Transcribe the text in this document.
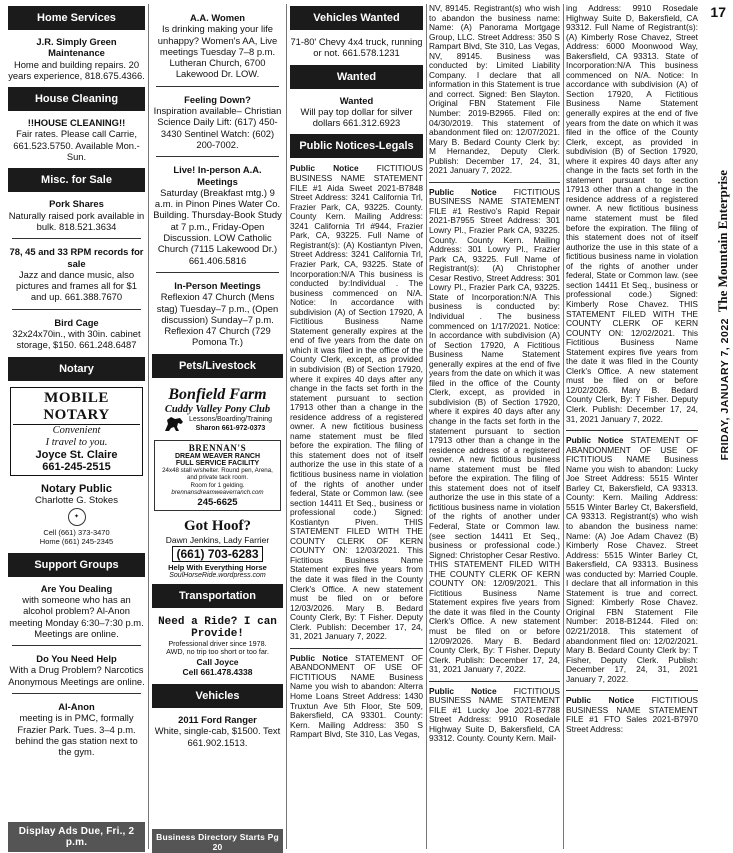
17
The Mountain Enterprise
FRIDAY, JANUARY 7, 2022
Home Services
J.R. Simply Green Maintenance
Home and building repairs. 20 years experience, 818.675.4366.
House Cleaning
!!HOUSE CLEANING!!
Fair rates. Please call Carrie, 661.523.5750. Available Mon.-Sun.
Misc. for Sale
Pork Shares
Naturally raised pork available in bulk. 818.521.3634
78, 45 and 33 RPM records for sale
Jazz and dance music, also pictures and frames all for $1 and up. 661.388.7670
Bird Cage
32x24x70in., with 30in. cabinet storage, $150. 661.248.6487
Notary
MOBILE NOTARY
Convenient
I travel to you.
Joyce St. Claire
661-245-2515
Notary Public
Charlotte G. Stokes
✦
Cell (661) 373-3470
Home (661) 245-2345
Support Groups
Are You Dealing
with someone who has an alcohol problem? Al-Anon meeting Monday 6:30–7:30 p.m. Meetings are online.
Do You Need Help
With a Drug Problem? Narcotics Anonymous Meetings are online.
Al-Anon
meeting is in PMC, formally Frazier Park. Tues. 3–4 p.m. behind the gas station next to the gym.
Display Ads Due, Fri., 2 p.m.
A.A. Women
Is drinking making your life unhappy? Women's AA, Live meetings Tuesday 7–8 p.m. Lutheran Church, 6700 Lakewood Dr. LOW.
Feeling Down?
Inspiration available– Christian Science Daily Lift: (617) 450-3430 Sentinel Watch: (602) 200-7002.
Live! In-person A.A. Meetings
Saturday (Breakfast mtg.) 9 a.m. in Pinon Pines Water Co. Building. Thursday-Book Study at 7 p.m., Friday-Open Discussion. LOW Catholic Church (7115 Lakewood Dr.) 661.406.5816
In-Person Meetings
Reflexion 47 Church (Mens stag) Tuesday–7 p.m., (Open discussion) Sunday–7 p.m. Reflexion 47 Church (729 Pomona Tr.)
Pets/Livestock
Bonfield Farm
Cuddy Valley Pony Club
Lessons/Boarding/Training
Sharon 661-972-0373
BRENNAN'S
DREAM WEAVER RANCH
FULL SERVICE FACILITY
24x48 stall w/shelter. Round pen, Arena, and private tack room.
Room for 1 gelding.
brennansdreamweaverranch.com
245-6625
Got Hoof?
Dawn Jenkins, Lady Farrier
(661) 703-6283
Help With Everything Horse
SoulHorseRide.wordpress.com
Transportation
Need a Ride? I can Provide!
Professional driver since 1978.
AWD, no trip too short or too far.
Call Joyce
Cell 661.478.4338
Vehicles
2011 Ford Ranger
White, single-cab, $1500. Text 661.902.1513.
Business Directory Starts Pg 20
Vehicles Wanted
71-80' Chevy 4x4 truck, running or not. 661.578.1231
Wanted
Wanted
Will pay top dollar for silver dollars 661.312.6923
Public Notices-Legals
Public Notice FICTITIOUS BUSINESS NAME STATEMENT FILE #1 Aida Sweet 2021-B7848 Street Address: 3241 California Trl, Frazier Park, CA, 93225. County. County Kern. Mailing Address: 3241 California Trl #944, Frazier Park, CA, 93225. Full Name of Registrant(s): (A) Kostiantyn Piven, Street Address: 3241 California Trl, Frazier Park, CA, 93225. State of Incorporation:N/A This business is conducted by:Individual . The business commenced on N/A. Notice: In accordance with subdivision (A) of Section 17920, A Fictitious Business Name Statement generally expires at the end of five years from the date on which it was filed in the office of the County Clerk, except, as provided in subdivision (B) of Section 17920, where it expires 40 days after any change in the facts set forth in the statement pursuant to section 17913 other than a change in the residence address of a registered owner. A new fictitious business name statement must be filed before the expiration. The filing of this statement does not of itself authorize the use in this state of a fictitious business name in violation of the rights of another under federal, State or Common law. (see section 14411 Et Seq., business or professional code.) Signed: Kostiantyn Piven. THIS STATEMENT FILED WITH THE COUNTY CLERK OF KERN COUNTY ON: 12/03/2021. This Fictitious Business Name Statement expires five years from the date it was filed in the County Clerk's Office. A new statement must be filed on or before 12/03/2026. Mary B. Bedard County Clerk, By: T Fisher. Deputy Clerk. Publish: December 17, 24, 31, 2021 January 7, 2022.
Public Notice STATEMENT OF ABANDONMENT OF USE OF FICTITIOUS NAME Business Name you wish to abandon: Alterra Home Loans Street Address: 1430 Truxtun Ave 5th Floor, Ste 509, Bakersfield, CA 93301. County: Kern. Mailing Address: 350 S Rampart Blvd, Ste 310, Las Vegas,
NV, 89145. Registrant(s) who wish to abandon the business name: Name: (A) Panorama Mortgage Group, LLC. Street Address: 350 S Rampart Blvd, Ste 310, Las Vegas, NV, 89145. Business was conducted by: Limited Liability Company. I declare that all information in this Statement is true and correct. Signed: Ben Slayton. Original FBN Statement File Number: 2019-B2965. Filed on: 04/30/2019. This statement of abandonment filed on: 12/07/2021. Mary B. Bedard County Clerk by: M Hernandez, Deputy Clerk. Publish: December 17, 24, 31, 2021 January 7, 2022.
Public Notice FICTITIOUS BUSINESS NAME STATEMENT FILE #1 Restivo's Rapid Repair 2021-B7955 Street Address: 301 Lowry Pl., Frazier Park CA, 93225. County. County Kern. Mailing Address: 301 Lowry Pl., Frazier Park CA, 93225. Full Name of Registrant(s): (A) Christopher Cesar Restivo, Street Address: 301 Lowry Pl., Frazier Park CA, 93225. State of Incorporation:N/A This business is conducted by: Individual . The business commenced on 1/17/2021. Notice: In accordance with subdivision (A) of Section 17920, A Fictitious Business Name Statement generally expires at the end of five years from the date on which it was filed in the office of the County Clerk, except, as provided in subdivision (B) of Section 17920, where it expires 40 days after any change in the facts set forth in the statement pursuant to section 17913 other than a change in the residence address of a registered owner. A new fictitious business name statement must be filed before the expiration. The filing of this statement does not of itself authorize the use in this state of a fictitious business name in violation of the rights of another under Federal, State or Common law. (see section 14411 Et Seq., business or professional code.) Signed: Christopher Cesar Restivo. THIS STATEMENT FILED WITH THE COUNTY CLERK OF KERN COUNTY ON: 12/09/2021. This Fictitious Business Name Statement expires five years from the date it was filed in the County Clerk's Office. A new statement must be filed on or before 12/09/2026. Mary B. Bedard County Clerk, By: T Fisher. Deputy Clerk. Publish: December 17, 24, 31, 2021 January 7, 2022.
Public Notice FICTITIOUS BUSINESS NAME STATEMENT FILE #1 Lucky Joe 2021-B7788 Street Address: 9910 Rosedale Highway Suite D, Bakersfield, CA 93312. County. County Kern. Mail-
ing Address: 9910 Rosedale Highway Suite D, Bakersfield, CA 93312. Full Name of Registrant(s): (A) Kimberly Rose Chavez, Street Address: 6000 Moonwood Way, Bakersfield, CA 93313. State of Incorporation:N/A This business commenced on N/A. Notice: In accordance with subdivision (A) of Section 17920, A Fictitious Business Name Statement generally expires at the end of five years from the date on which it was filed in the office of the County Clerk, except, as provided in subdivision (B) of Section 17920, where it expires 40 days after any change in the facts set forth in the statement pursuant to section 17913 other than a change in the residence address of a registered owner. A new fictitious business name statement must be filed before the expiration. The filing of this statement does not of itself authorize the use in this state of a fictitious business name in violation of the rights of another under federal, State or Common law. (see section 14411 Et Seq., business or professional code.) Signed: Kimberly Rose Chavez. THIS STATEMENT FILED WITH THE COUNTY CLERK OF KERN COUNTY ON: 12/02/2021. This Fictitious Business Name Statement expires five years from the date it was filed in the County Clerk's Office. A new statement must be filed on or before 12/02/2026. Mary B. Bedard County Clerk, By: T Fisher. Deputy Clerk. Publish: December 17, 24, 31, 2021 January 7, 2022.
Public Notice STATEMENT OF ABANDONMENT OF USE OF FICTITIOUS NAME Business Name you wish to abandon: Lucky Joe Street Address: 5515 Winter Barley Ct, Bakersfield, CA 93313. County: Kern. Mailing Address: 5515 Winter Barley Ct, Bakersfield, CA 93313. Registrant(s) who wish to abandon the business name: Name: (A) Joe Adam Chavez (B) Kimberly Rose Chavez. Street Address: 5515 Winter Barley Ct, Bakersfield, CA 93313. Business was conducted by: Married Couple. I declare that all information in this Statement is true and correct. Signed: Kimberly Rose Chavez. Original FBN Statement File Number: 2018-B1244. Filed on: 02/21/2018. This statement of abandonment filed on: 12/02/2021. Mary B. Bedard County Clerk by: T Fisher, Deputy Clerk. Publish: December 17, 24, 31, 2021 January 7, 2022.
Public Notice FICTITIOUS BUSINESS NAME STATEMENT FILE #1 FTO Sales 2021-B7970 Street Address:
